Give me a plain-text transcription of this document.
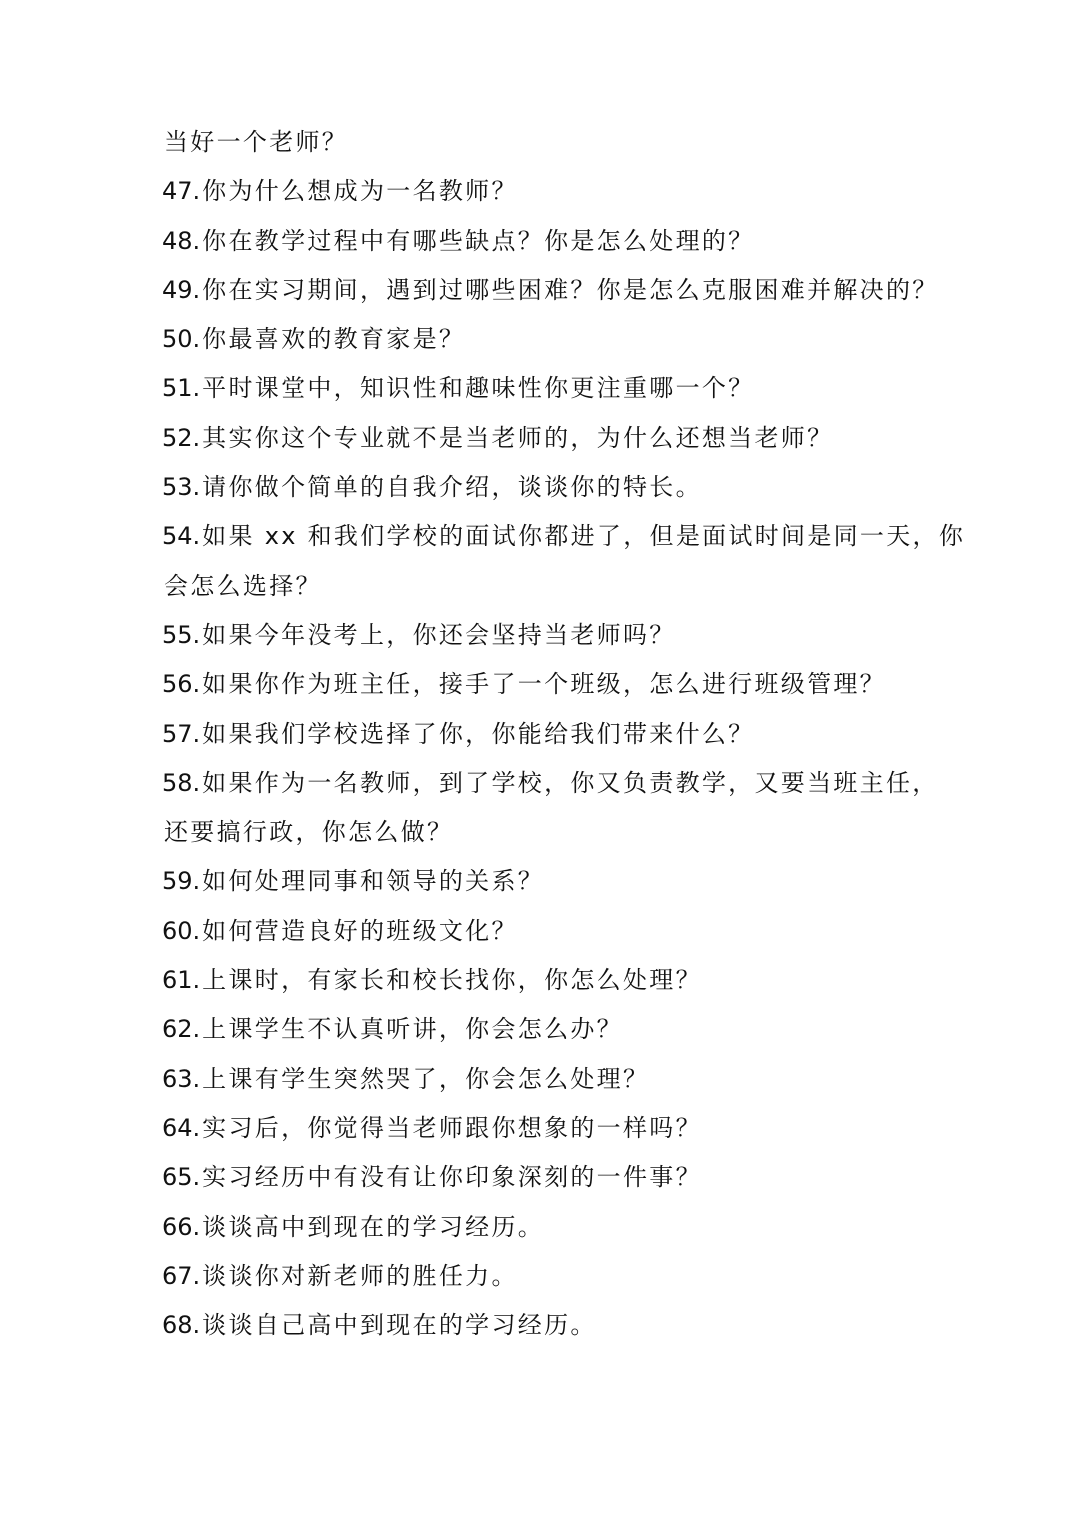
当好一个老师？
47.你为什么想成为一名教师？
48.你在教学过程中有哪些缺点？你是怎么处理的？
49.你在实习期间，遇到过哪些困难？你是怎么克服困难并解决的？
50.你最喜欢的教育家是？
51.平时课堂中，知识性和趣味性你更注重哪一个？
52.其实你这个专业就不是当老师的，为什么还想当老师？
53.请你做个简单的自我介绍，谈谈你的特长。
54.如果 xx 和我们学校的面试你都进了，但是面试时间是同一天，你
会怎么选择？
55.如果今年没考上，你还会坚持当老师吗？
56.如果你作为班主任，接手了一个班级，怎么进行班级管理？
57.如果我们学校选择了你，你能给我们带来什么？
58.如果作为一名教师，到了学校，你又负责教学，又要当班主任，
还要搞行政，你怎么做？
59.如何处理同事和领导的关系？
60.如何营造良好的班级文化？
61.上课时，有家长和校长找你，你怎么处理？
62.上课学生不认真听讲，你会怎么办？
63.上课有学生突然哭了，你会怎么处理？
64.实习后，你觉得当老师跟你想象的一样吗？
65.实习经历中有没有让你印象深刻的一件事？
66.谈谈高中到现在的学习经历。
67.谈谈你对新老师的胜任力。
68.谈谈自己高中到现在的学习经历。
